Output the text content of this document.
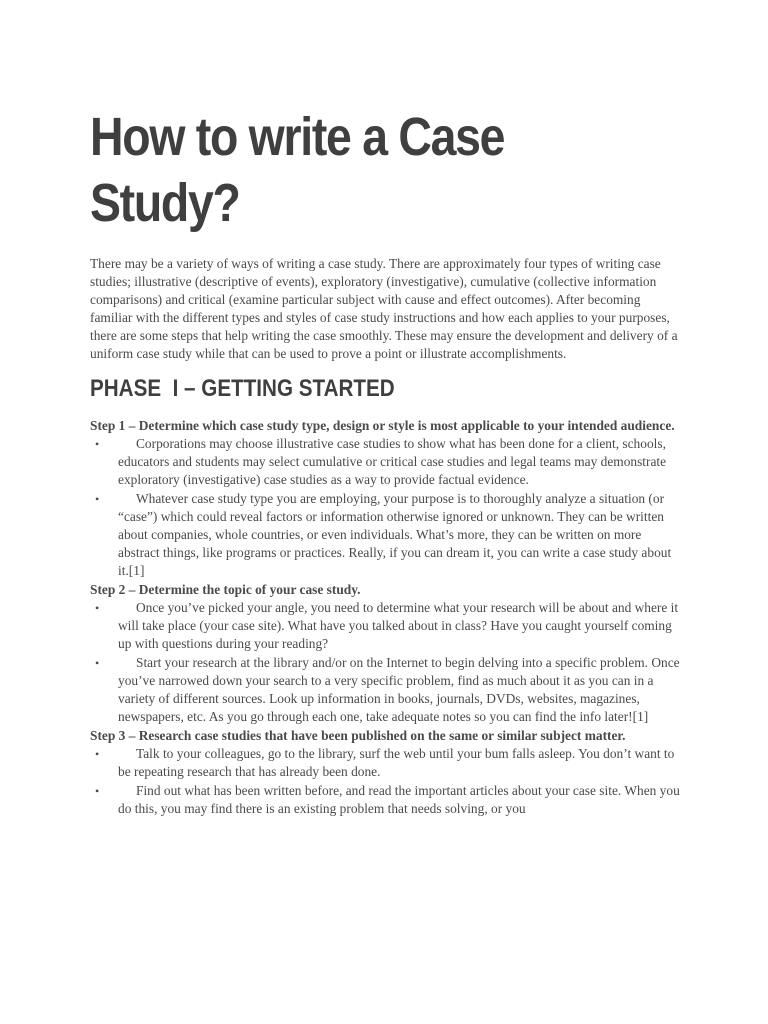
How to write a Case
Study?

There may be a variety of ways of writing a case study. There are approximately four types of writing case studies; illustrative (descriptive of events), exploratory (investigative), cumulative (collective information comparisons) and critical (examine particular subject with cause and effect outcomes). After becoming familiar with the different types and styles of case study instructions and how each applies to your purposes, there are some steps that help writing the case smoothly. These may ensure the development and delivery of a uniform case study while that can be used to prove a point or illustrate accomplishments.

PHASE  I – GETTING STARTED

Step 1 – Determine which case study type, design or style is most applicable to your intended audience.

•	Corporations may choose illustrative case studies to show what has been done for a client, schools, educators and students may select cumulative or critical case studies and legal teams may demonstrate exploratory (investigative) case studies as a way to provide factual evidence.
•	Whatever case study type you are employing, your purpose is to thoroughly analyze a situation (or “case”) which could reveal factors or information otherwise ignored or unknown. They can be written about companies, whole countries, or even individuals. What’s more, they can be written on more abstract things, like programs or practices. Really, if you can dream it, you can write a case study about it.[1]

Step 2 – Determine the topic of your case study.

•	Once you’ve picked your angle, you need to determine what your research will be about and where it will take place (your case site). What have you talked about in class? Have you caught yourself coming up with questions during your reading?
•	Start your research at the library and/or on the Internet to begin delving into a specific problem. Once you’ve narrowed down your search to a very specific problem, find as much about it as you can in a variety of different sources. Look up information in books, journals, DVDs, websites, magazines, newspapers, etc. As you go through each one, take adequate notes so you can find the info later![1]

Step 3 – Research case studies that have been published on the same or similar subject matter.

•	Talk to your colleagues, go to the library, surf the web until your bum falls asleep. You don’t want to be repeating research that has already been done.
•	Find out what has been written before, and read the important articles about your case site. When you do this, you may find there is an existing problem that needs solving, or you
